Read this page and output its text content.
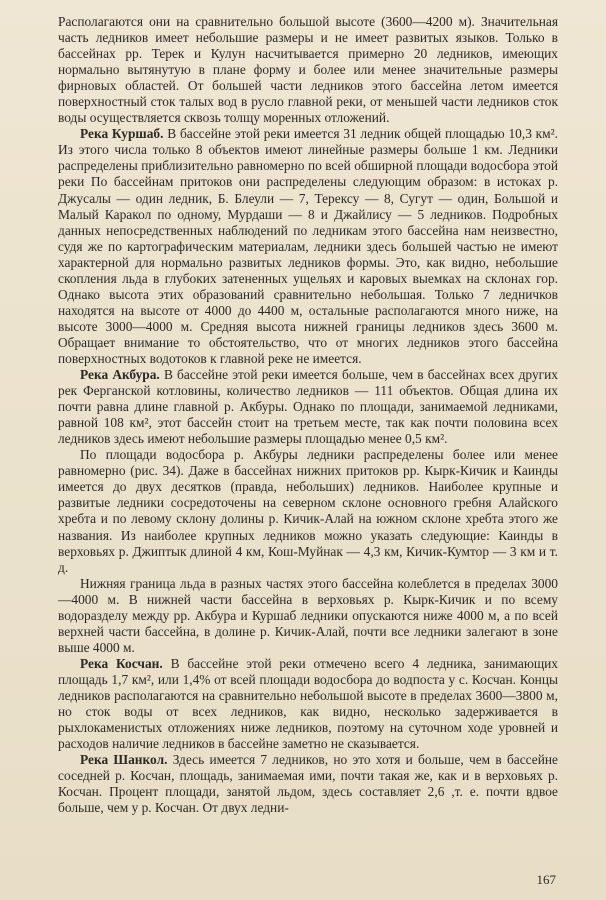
Располагаются они на сравнительно большой высоте (3600—4200 м). Значительная часть ледников имеет небольшие размеры и не имеет развитых языков. Только в бассейнах рр. Терек и Кулун насчитывается примерно 20 ледников, имеющих нормально вытянутую в плане форму и более или менее значительные размеры фирновых областей. От большей части ледников этого бассейна летом имеется поверхностный сток талых вод в русло главной реки, от меньшей части ледников сток воды осуществляется сквозь толщу моренных отложений.

Река Куршаб. В бассейне этой реки имеется 31 ледник общей площадью 10,3 км². Из этого числа только 8 объектов имеют линейные размеры больше 1 км. Ледники распределены приблизительно равномерно по всей обширной площади водосбора этой реки По бассейнам притоков они распределены следующим образом: в истоках р. Джусалы — один ледник, Б. Блеули — 7, Терексу — 8, Сугут — один, Большой и Малый Каракол по одному, Мурдаши — 8 и Джайлису — 5 ледников. Подробных данных непосредственных наблюдений по ледникам этого бассейна нам неизвестно, судя же по картографическим материалам, ледники здесь большей частью не имеют характерной для нормально развитых ледников формы. Это, как видно, небольшие скопления льда в глубоких затененных ущельях и каровых выемках на склонах гор. Однако высота этих образований сравнительно небольшая. Только 7 ледничков находятся на высоте от 4000 до 4400 м, остальные располагаются много ниже, на высоте 3000—4000 м. Средняя высота нижней границы ледников здесь 3600 м. Обращает внимание то обстоятельство, что от многих ледников этого бассейна поверхностных водотоков к главной реке не имеется.

Река Акбура. В бассейне этой реки имеется больше, чем в бассейнах всех других рек Ферганской котловины, количество ледников — 111 объектов. Общая длина их почти равна длине главной р. Акбуры. Однако по площади, занимаемой ледниками, равной 108 км², этот бассейн стоит на третьем месте, так как почти половина всех ледников здесь имеют небольшие размеры площадью менее 0,5 км².

По площади водосбора р. Акбуры ледники распределены более или менее равномерно (рис. 34). Даже в бассейнах нижних притоков рр. Кырк-Кичик и Каинды имеется до двух десятков (правда, небольших) ледников. Наиболее крупные и развитые ледники сосредоточены на северном склоне основного гребня Алайского хребта и по левому склону долины р. Кичик-Алай на южном склоне хребта этого же названия. Из наиболее крупных ледников можно указать следующие: Каинды в верховьях р. Джиптык длиной 4 км, Кош-Муйнак — 4,3 км, Кичик-Кумтор — 3 км и т. д.

Нижняя граница льда в разных частях этого бассейна колеблется в пределах 3000—4000 м. В нижней части бассейна в верховьях р. Кырк-Кичик и по всему водоразделу между рр. Акбура и Куршаб ледники опускаются ниже 4000 м, а по всей верхней части бассейна, в долине р. Кичик-Алай, почти все ледники залегают в зоне выше 4000 м.

Река Косчан. В бассейне этой реки отмечено всего 4 ледника, занимающих площадь 1,7 км², или 1,4% от всей площади водосбора до водпоста у с. Косчан. Концы ледников располагаются на сравнительно небольшой высоте в пределах 3600—3800 м, но сток воды от всех ледников, как видно, несколько задерживается в рыхлокаменистых отложениях ниже ледников, поэтому на суточном ходе уровней и расходов наличие ледников в бассейне заметно не сказывается.

Река Шанкол. Здесь имеется 7 ледников, но это хотя и больше, чем в бассейне соседней р. Косчан, площадь, занимаемая ими, почти такая же, как и в верховьях р. Косчан. Процент площади, занятой льдом, здесь составляет 2,6 ,т. е. почти вдвое больше, чем у р. Косчан. От двух ледни-

167
